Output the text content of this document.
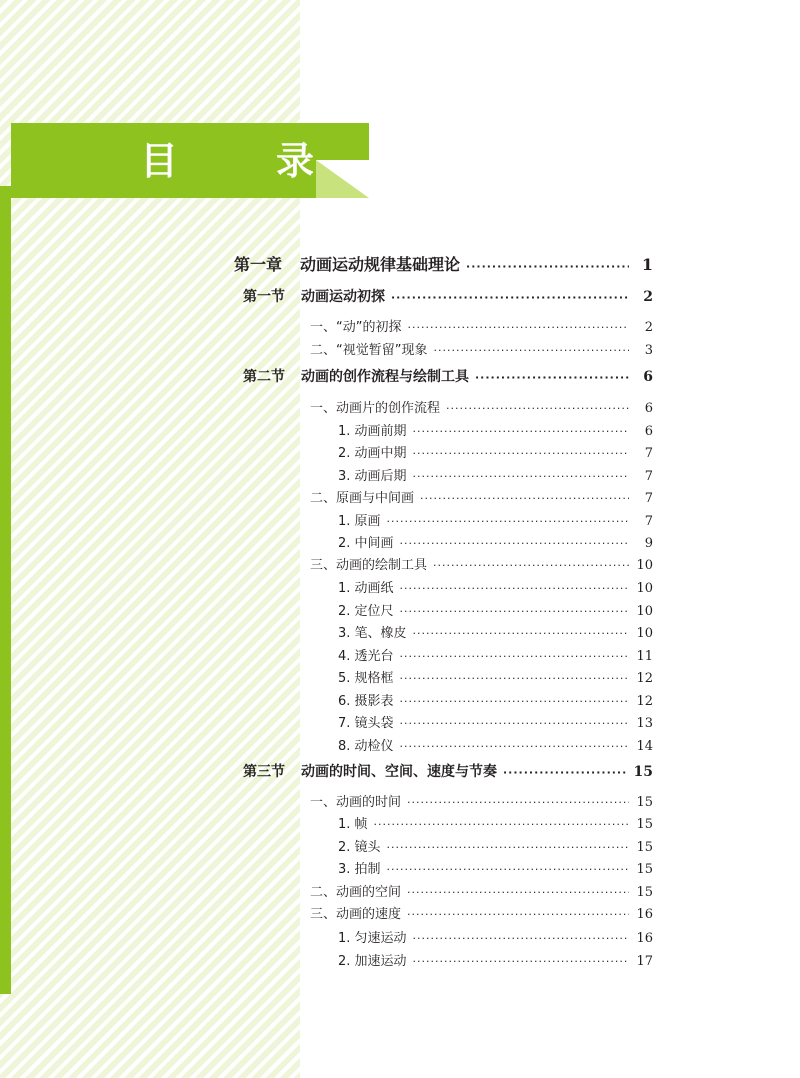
目　录
第一章 动画运动规律基础理论 ·····	1
第一节 动画运动初探 ·····	2
一、“动”的初探 ·····	2
二、“视觉暂留”现象 ·····	3
第二节 动画的创作流程与绘制工具 ·····	6
一、动画片的创作流程 ·····	6
1. 动画前期 ·····	6
2. 动画中期 ·····	7
3. 动画后期 ·····	7
二、原画与中间画 ·····	7
1. 原画 ·····	7
2. 中间画 ·····	9
三、动画的绘制工具 ·····	10
1. 动画纸 ·····	10
2. 定位尺 ·····	10
3. 笔、橡皮 ·····	10
4. 透光台 ·····	11
5. 规格框 ·····	12
6. 摄影表 ·····	12
7. 镜头袋 ·····	13
8. 动检仪 ·····	14
第三节 动画的时间、空间、速度与节奏 ·····	15
一、动画的时间 ·····	15
1. 帧 ·····	15
2. 镜头 ·····	15
3. 拍制 ·····	15
二、动画的空间 ·····	15
三、动画的速度 ·····	16
1. 匀速运动 ·····	16
2. 加速运动 ·····	17
